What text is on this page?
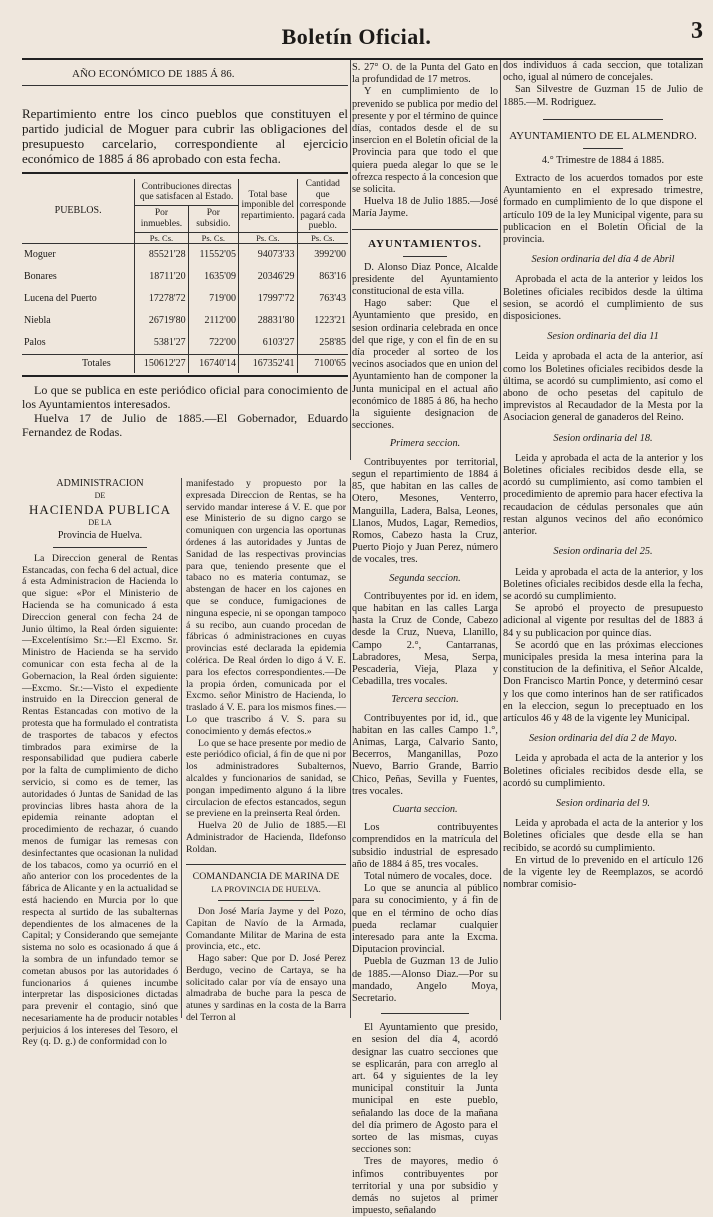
Boletín Oficial.	3

AÑO ECONÓMICO DE 1885 Á 86.

Repartimiento entre los cinco pueblos que constituyen el partido judicial de Moguer para cubrir las obligaciones del presupuesto carcelario, correspondiente al ejercicio económico de 1885 á 86 aprobado con esta fecha.

PUEBLOS.	Contribuciones directas que satisfacen al Estado.		Total base imponible del repartimiento.	Cantidad que corresponde pagará cada pueblo.
	Por inmuebles.	Por subsidio.		
	Ps. Cs.	Ps. Cs.	Ps. Cs.	Ps. Cs.
Moguer	85521'28	11552'05	94073'33	3992'00
Bonares	18711'20	1635'09	20346'29	863'16
Lucena del Puerto	17278'72	719'00	17997'72	763'43
Niebla	26719'80	2112'00	28831'80	1223'21
Palos	5381'27	722'00	6103'27	258'85
Totales	150612'27	16740'14	167352'41	7100'65

Lo que se publica en este periódico oficial para conocimiento de los Ayuntamientos interesados.

Huelva 17 de Julio de 1885.—El Gobernador, Eduardo Fernandez de Rodas.

ADMINISTRACION

DE

HACIENDA PUBLICA

DE LA

Provincia de Huelva.

La Direccion general de Rentas Estancadas, con fecha 6 del actual, dice á esta Administracion de Hacienda lo que sigue: «Por el Ministerio de Hacienda se ha comunicado á esta Direccion general con fecha 24 de Junio último, la Real órden siguiente:—Excelentísimo Sr.:—El Excmo. Sr. Ministro de Hacienda se ha servido comunicar con esta fecha al de la Gobernacion, la Real órden siguiente:—Excmo. Sr.:—Visto el expediente instruido en la Direccion general de Rentas Estancadas con motivo de la protesta que ha formulado el contratista de trasportes de tabacos y efectos timbrados para eximirse de la responsabilidad que pudiera caberle por la falta de cumplimiento de dicho servicio, si como es de temer, las autoridades ó Juntas de Sanidad de las provincias libres hasta ahora de la epidemia reinante adoptan el procedimiento de rechazar, ó cuando menos de fumigar las remesas con desinfectantes que ocasionan la nulidad de los tabacos, como ya ocurrió en el año anterior con los procedentes de la fábrica de Alicante y en la actualidad se está haciendo en Murcia por lo que respecta al surtido de las subalternas dependientes de los almacenes de la Capital; y Considerando que semejante sistema no solo es ocasionado á que á la sombra de un infundado temor se cometan abusos por las autoridades ó funcionarios á quienes incumbe interpretar las disposiciones dictadas para prevenir el contagio, sinó que necesariamente ha de producir notables perjuicios á los intereses del Tesoro, el Rey (q. D. g.) de conformidad con lo

manifestado y propuesto por la expresada Direccion de Rentas, se ha servido mandar interese á V. E. que por ese Ministerio de su digno cargo se comuniquen con urgencia las oportunas órdenes á las autoridades y Juntas de Sanidad de las respectivas provincias para que, teniendo presente que el tabaco no es materia contumaz, se abstengan de hacer en los cajones en que se conduce, fumigaciones de ninguna especie, ni se opongan tampoco á su recibo, aun cuando procedan de fábricas ó administraciones en cuyas provincias esté declarada la epidemia colérica. De Real órden lo digo á V. E. para los efectos correspondientes.—De la propia órden, comunicada por el Excmo. señor Ministro de Hacienda, lo traslado á V. E. para los mismos fines.—Lo que trascribo á V. S. para su conocimiento y demás efectos.»

Lo que se hace presente por medio de este periódico oficial, á fin de que ni por los administradores Subalternos, alcaldes y funcionarios de sanidad, se pongan impedimento alguno á la libre circulacion de efectos estancados, segun se previene en la preinserta Real órden.

Huelva 20 de Julio de 1885.—El Administrador de Hacienda, Ildefonso Roldan.

COMANDANCIA DE MARINA DE

LA PROVINCIA DE HUELVA.

Don José María Jayme y del Pozo, Capitan de Navío de la Armada, Comandante Militar de Marina de esta provincia, etc., etc.

Hago saber: Que por D. José Perez Berdugo, vecino de Cartaya, se ha solicitado calar por vía de ensayo una almadraba de buche para la pesca de atunes y sardinas en la costa de la Barra del Terron al

S. 27° O. de la Punta del Gato en la profundidad de 17 metros.

Y en cumplimiento de lo prevenido se publica por medio del presente y por el término de quince días, contados desde el de su insercion en el Boletín oficial de la Provincia para que todo el que quiera pueda alegar lo que se le ofrezca respecto á la concesion que se solicita.

Huelva 18 de Julio 1885.—José María Jayme.

AYUNTAMIENTOS.

D. Alonso Diaz Ponce, Alcalde presidente del Ayuntamiento constitucional de esta villa.

Hago saber: Que el Ayuntamiento que presido, en sesion ordinaria celebrada en once del que rige, y con el fin de en su día proceder al sorteo de los vecinos asociados que en union del Ayuntamiento han de componer la Junta municipal en el actual año económico de 1885 á 86, ha hecho la siguiente designacion de secciones.

Primera seccion.

Contribuyentes por territorial, segun el repartimiento de 1884 á 85, que habitan en las calles de Otero, Mesones, Venterro, Manguilla, Ladera, Balsa, Leones, Llanos, Mudos, Lagar, Remedios, Romos, Cabezo hasta la Cruz, Puerto Piojo y Juan Perez, número de vocales, tres.

Segunda seccion.

Contribuyentes por id. en idem, que habitan en las calles Larga hasta la Cruz de Conde, Cabezo desde la Cruz, Nueva, Llanillo, Campo 2.°, Cantarranas, Labradores, Mesa, Serpa, Pescaderia, Vieja, Plaza y Cebadilla, tres vocales.

Tercera seccion.

Contribuyentes por id, id., que habitan en las calles Campo 1.°, Animas, Larga, Calvario Santo, Becerros, Manganillas, Pozo Nuevo, Barrio Grande, Barrio Chico, Peñas, Sevilla y Fuentes, tres vocales.

Cuarta seccion.

Los contribuyentes comprendidos en la matrícula del subsidio industrial de espresado año de 1884 á 85, tres vocales.

Total número de vocales, doce.

Lo que se anuncia al público para su conocimiento, y á fin de que en el término de ocho días pueda reclamar cualquier interesado para ante la Excma. Diputacion provincial.

Puebla de Guzman 13 de Julio de 1885.—Alonso Diaz.—Por su mandado, Angelo Moya, Secretario.

El Ayuntamiento que presido, en sesion del día 4, acordó designar las cuatro secciones que se esplicarán, para con arreglo al art. 64 y siguientes de la ley municipal constituir la Junta municipal en este pueblo, señalando las doce de la mañana del día primero de Agosto para el sorteo de las mismas, cuyas secciones son:

Tres de mayores, medio ó infimos contribuyentes por territorial y una por subsidio y demás no sujetos al primer impuesto, señalando

dos individuos á cada seccion, que totalizan ocho, igual al número de concejales.

San Silvestre de Guzman 15 de Julio de 1885.—M. Rodriguez.

AYUNTAMIENTO DE EL ALMENDRO.

4.° Trimestre de 1884 á 1885.

Extracto de los acuerdos tomados por este Ayuntamiento en el expresado trimestre, formado en cumplimiento de lo que dispone el artículo 109 de la ley Municipal vigente, para su publicacion en el Boletín Oficial de la provincia.

Sesion ordinaria del día 4 de Abril

Aprobada el acta de la anterior y leidos los Boletines oficiales recibidos desde la última sesion, se acordó el cumplimiento de sus disposiciones.

Sesion ordinaria del dia 11

Leida y aprobada el acta de la anterior, así como los Boletines oficiales recibidos desde la última, se acordó su cumplimiento, así como el abono de ocho pesetas del capitulo de imprevistos al Recaudador de la Mesta por la Asociacion general de ganaderos del Reino.

Sesion ordinaria del 18.

Leida y aprobada el acta de la anterior y los Boletines oficiales recibidos desde ella, se acordó su cumplimiento, así como tambien el procedimiento de apremio para hacer efectiva la recaudacion de cédulas personales que aún restan algunos vecinos del año económico anterior.

Sesion ordinaria del 25.

Leida y aprobada el acta de la anterior, y los Boletines oficiales recibidos desde ella la fecha, se acordó su cumplimiento.

Se aprobó el proyecto de presupuesto adicional al vigente por resultas del de 1883 á 84 y su publicacion por quince días.

Se acordó que en las próximas elecciones municipales presida la mesa interina para la constitucion de la definitiva, el Señor Alcalde, Don Francisco Martin Ponce, y determinó cesar y los que como interinos han de ser ratificados en la eleccion, segun lo preceptuado en los artículos 46 y 48 de la vigente ley Municipal.

Sesion ordinaria del día 2 de Mayo.

Leida y aprobada el acta de la anterior y los Boletines oficiales recibidos desde ella, se acordó su cumplimiento.

Sesion ordinaria del 9.

Leida y aprobada el acta de la anterior y los Boletines oficiales que desde ella se han recibido, se acordó su cumplimiento.

En virtud de lo prevenido en el artículo 126 de la vigente ley de Reemplazos, se acordó nombrar comisio-
